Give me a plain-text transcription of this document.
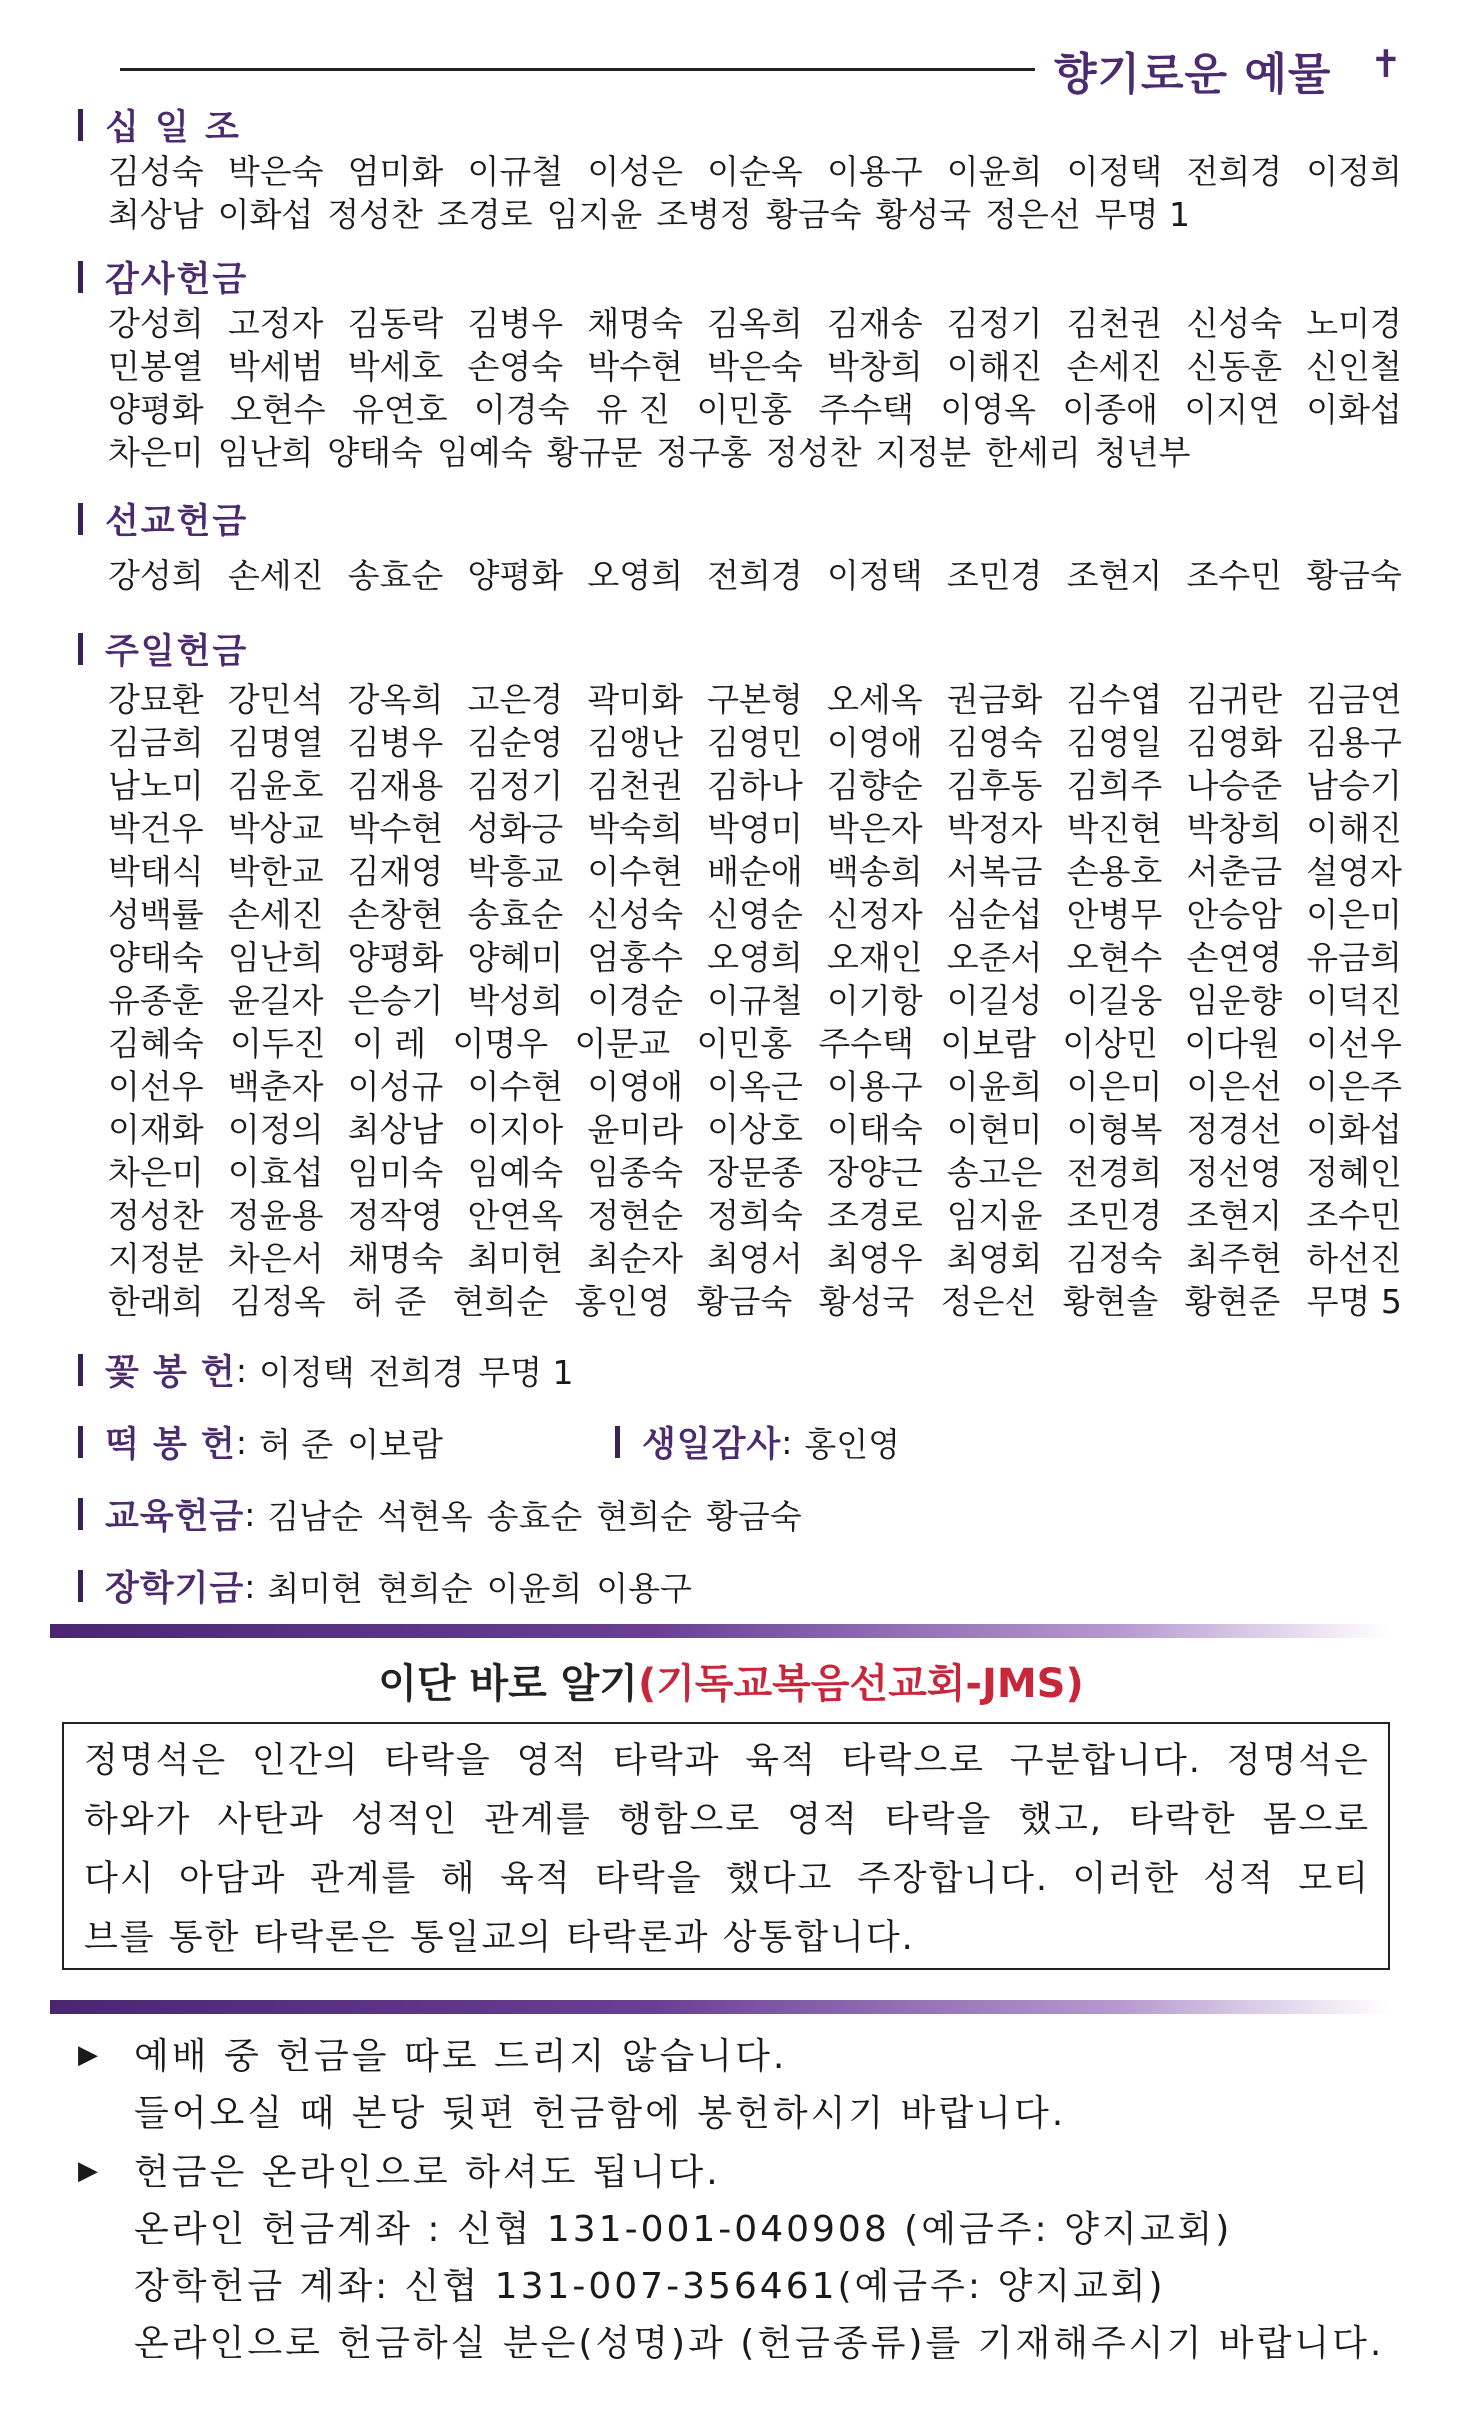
향기로운 예물 ✝
십 일 조
김성숙 박은숙 엄미화 이규철 이성은 이순옥 이용구 이윤희 이정택 전희경 이정희
최상남 이화섭 정성찬 조경로 임지윤 조병정 황금숙 황성국 정은선 무명 1
감사헌금
강성희 고정자 김동락 김병우 채명숙 김옥희 김재송 김정기 김천권 신성숙 노미경
민봉열 박세범 박세호 손영숙 박수현 박은숙 박창희 이해진 손세진 신동훈 신인철
양평화 오현수 유연호 이경숙 유 진 이민홍 주수택 이영옥 이종애 이지연 이화섭
차은미 임난희 양태숙 임예숙 황규문 정구홍 정성찬 지정분 한세리 청년부
선교헌금
강성희 손세진 송효순 양평화 오영희 전희경 이정택 조민경 조현지 조수민 황금숙
주일헌금
강묘환 강민석 강옥희 고은경 곽미화 구본형 오세옥 권금화 김수엽 김귀란 김금연
김금희 김명열 김병우 김순영 김앵난 김영민 이영애 김영숙 김영일 김영화 김용구
남노미 김윤호 김재용 김정기 김천권 김하나 김향순 김후동 김희주 나승준 남승기
박건우 박상교 박수현 성화긍 박숙희 박영미 박은자 박정자 박진현 박창희 이해진
박태식 박한교 김재영 박흥교 이수현 배순애 백송희 서복금 손용호 서춘금 설영자
성백률 손세진 손창현 송효순 신성숙 신영순 신정자 심순섭 안병무 안승암 이은미
양태숙 임난희 양평화 양혜미 엄홍수 오영희 오재인 오준서 오현수 손연영 유금희
유종훈 윤길자 은승기 박성희 이경순 이규철 이기항 이길성 이길웅 임운향 이덕진
김혜숙 이두진 이 레 이명우 이문교 이민홍 주수택 이보람 이상민 이다원 이선우
이선우 백춘자 이성규 이수현 이영애 이옥근 이용구 이윤희 이은미 이은선 이은주
이재화 이정의 최상남 이지아 윤미라 이상호 이태숙 이현미 이형복 정경선 이화섭
차은미 이효섭 임미숙 임예숙 임종숙 장문종 장양근 송고은 전경희 정선영 정혜인
정성찬 정윤용 정작영 안연옥 정현순 정희숙 조경로 임지윤 조민경 조현지 조수민
지정분 차은서 채명숙 최미현 최순자 최영서 최영우 최영회 김정숙 최주현 하선진
한래희 김정옥 허 준 현희순 홍인영 황금숙 황성국 정은선 황현솔 황현준 무명 5
꽃 봉 헌 : 이정택 전희경 무명 1
떡 봉 헌 : 허 준 이보람	생일감사 : 홍인영
교육헌금 : 김남순 석현옥 송효순 현희순 황금숙
장학기금 : 최미현 현희순 이윤희 이용구
이단 바로 알기(기독교복음선교회-JMS)

정명석은 인간의 타락을 영적 타락과 육적 타락으로 구분합니다. 정명석은

하와가 사탄과 성적인 관계를 행함으로 영적 타락을 했고, 타락한 몸으로

다시 아담과 관계를 해 육적 타락을 했다고 주장합니다. 이러한 성적 모티

브를 통한 타락론은 통일교의 타락론과 상통합니다.

▶ 예배 중 헌금을 따로 드리지 않습니다.
들어오실 때 본당 뒷편 헌금함에 봉헌하시기 바랍니다.
▶ 헌금은 온라인으로 하셔도 됩니다.
온라인 헌금계좌 : 신협 131-001-040908 (예금주: 양지교회)
장학헌금 계좌: 신협 131-007-356461(예금주: 양지교회)
온라인으로 헌금하실 분은(성명)과 (헌금종류)를 기재해주시기 바랍니다.
